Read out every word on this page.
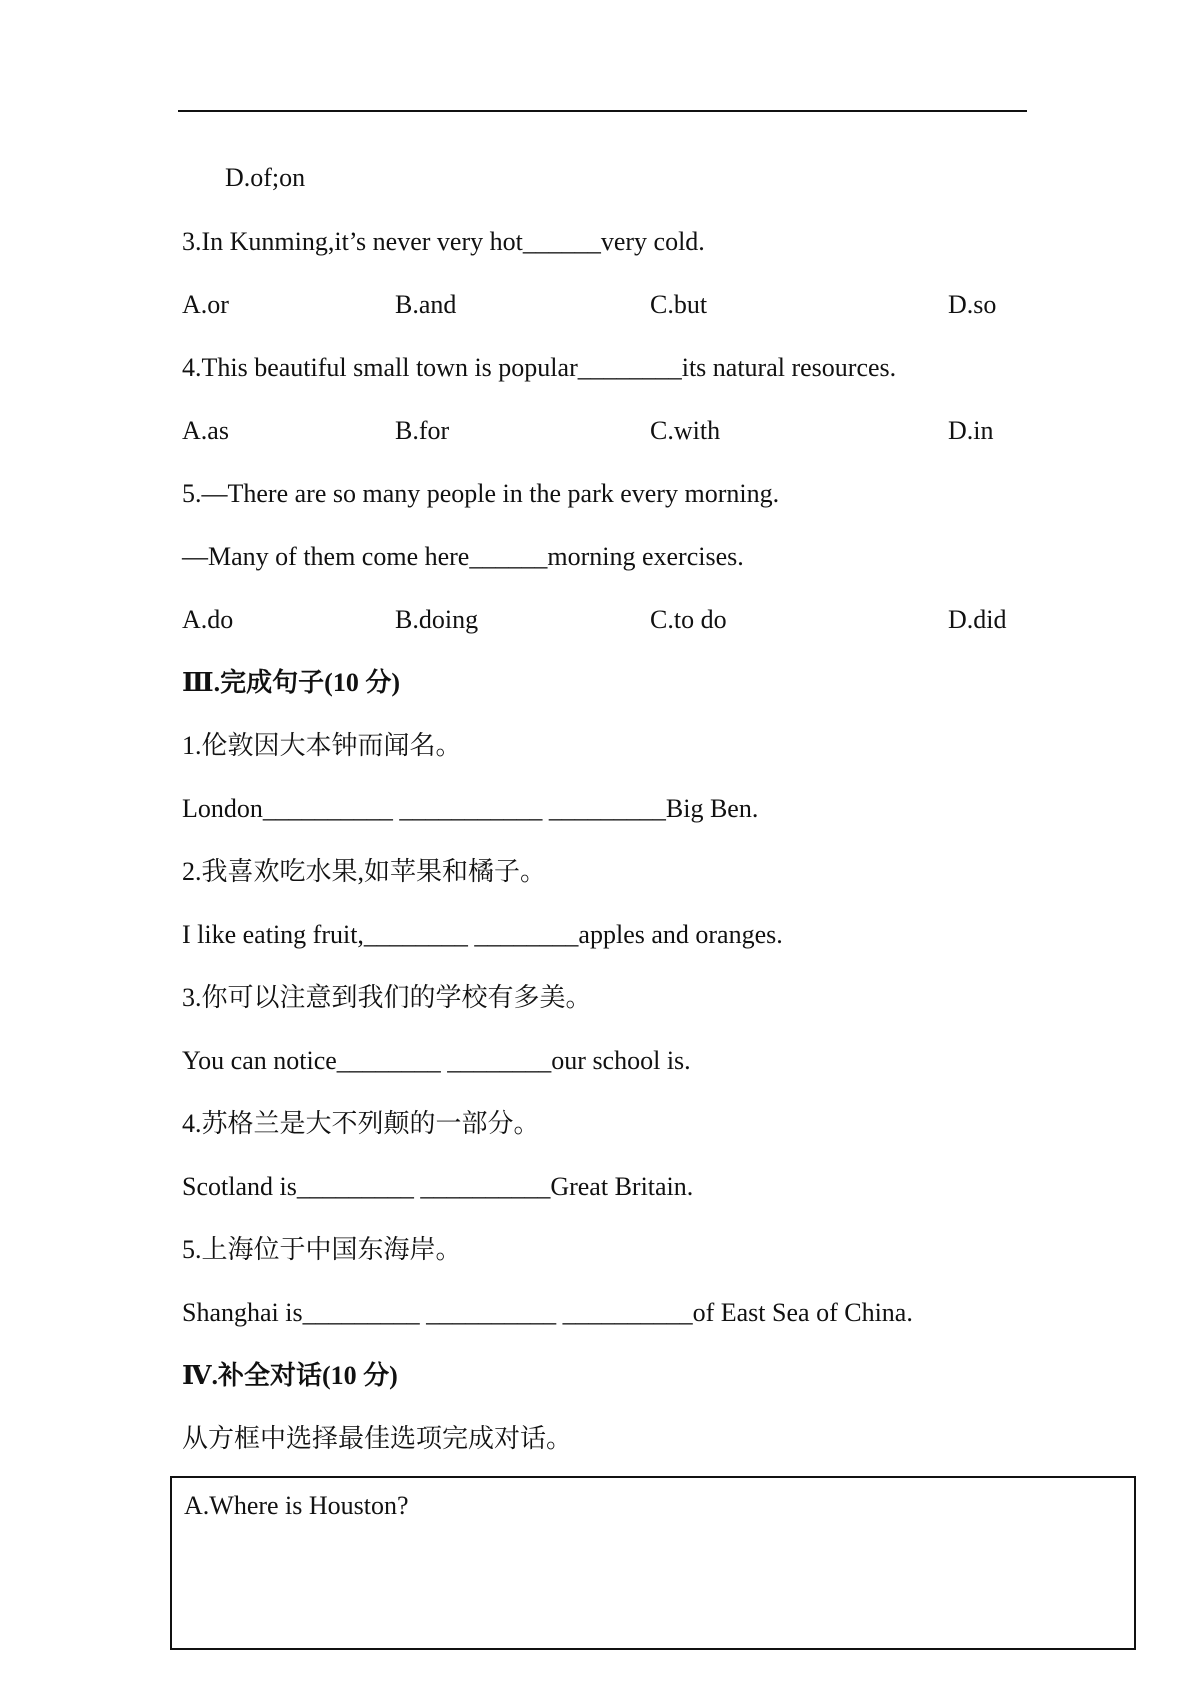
D.of;on
3.In Kunming,it’s never very hot______very cold.
A.or	B.and	C.but	D.so
4.This beautiful small town is popular________its natural resources.
A.as	B.for	C.with	D.in
5.—There are so many people in the park every morning.
—Many of them come here______morning exercises.
A.do	B.doing	C.to do	D.did
Ⅲ.完成句子(10 分)
1.伦敦因大本钟而闻名。
London__________ ___________ _________Big Ben.
2.我喜欢吃水果,如苹果和橘子。
I like eating fruit,________ ________apples and oranges.
3.你可以注意到我们的学校有多美。
You can notice________ ________our school is.
4.苏格兰是大不列颠的一部分。
Scotland is_________ __________Great Britain.
5.上海位于中国东海岸。
Shanghai is_________ __________ __________of East Sea of China.
Ⅳ.补全对话(10 分)
从方框中选择最佳选项完成对话。
A.Where is Houston?
